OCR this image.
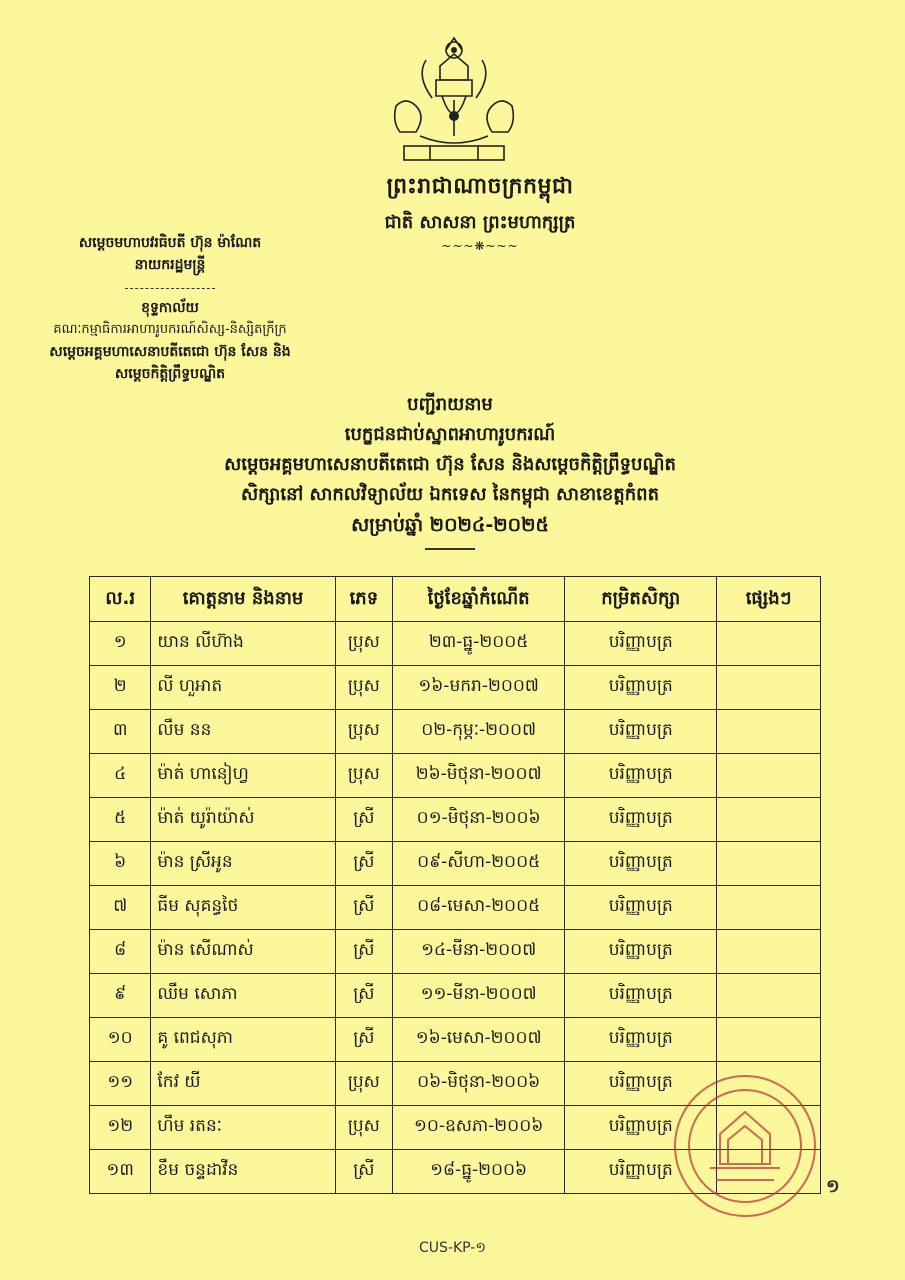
ព្រះរាជាណាចក្រកម្ពុជា
ជាតិ សាសនា ព្រះមហាក្សត្រ
~~~❋~~~
សម្តេចមហាបវរធិបតី ហ៊ុន ម៉ាណែត
នាយករដ្ឋមន្ត្រី
ខុទ្ទកាល័យ
គណៈកម្មាធិការអាហារូបករណ៍សិស្ស-និស្សិតក្រីក្រ
សម្តេចអគ្គមហាសេនាបតីតេជោ ហ៊ុន សែន និង
សម្តេចកិត្តិព្រឹទ្ធបណ្ឌិត
បញ្ជីរាយនាម
បេក្ខជនជាប់ស្នាពអាហារូបករណ៍
សម្តេចអគ្គមហាសេនាបតីតេជោ ហ៊ុន សែន និងសម្តេចកិត្តិព្រឹទ្ធបណ្ឌិត
សិក្សានៅ សាកលវិទ្យាល័យ ឯកទេស នៃកម្ពុជា សាខាខេត្តកំពត
សម្រាប់ឆ្នាំ ២០២៤-២០២៥
ល.រ	គោត្តនាម និងនាម	ភេទ	ថ្ងៃខែឆ្នាំកំណើត	កម្រិតសិក្សា	ផ្សេងៗ
១	យាន លីហ៊ាង	ប្រុស	២៣-ធ្នូ-២០០៥	បរិញ្ញាបត្រ	
២	លី ហួអាត	ប្រុស	១៦-មករា-២០០៧	បរិញ្ញាបត្រ	
៣	លឹម នន	ប្រុស	០២-កុម្ភៈ-២០០៧	បរិញ្ញាបត្រ	
៤	ម៉ាត់ ហានៀហ្វ	ប្រុស	២៦-មិថុនា-២០០៧	បរិញ្ញាបត្រ	
៥	ម៉ាត់ យូរ៉ាយ៉ាស់	ស្រី	០១-មិថុនា-២០០៦	បរិញ្ញាបត្រ	
៦	ម៉ាន ស្រីអូន	ស្រី	០៩-សីហា-២០០៥	បរិញ្ញាបត្រ	
៧	ធីម សុគន្ធថៃ	ស្រី	០៨-មេសា-២០០៥	បរិញ្ញាបត្រ	
៨	ម៉ាន សើណាស់	ស្រី	១៤-មីនា-២០០៧	បរិញ្ញាបត្រ	
៩	ឈឹម សោភា	ស្រី	១១-មីនា-២០០៧	បរិញ្ញាបត្រ	
១០	គូ ពេជសុភា	ស្រី	១៦-មេសា-២០០៧	បរិញ្ញាបត្រ	
១១	កែវ យី	ប្រុស	០៦-មិថុនា-២០០៦	បរិញ្ញាបត្រ	
១២	ហឹម រតនៈ	ប្រុស	១០-ឧសភា-២០០៦	បរិញ្ញាបត្រ	
១៣	ខឹម ចន្ទដាវីន	ស្រី	១៨-ធ្នូ-២០០៦	បរិញ្ញាបត្រ	
១
CUS-KP-១
